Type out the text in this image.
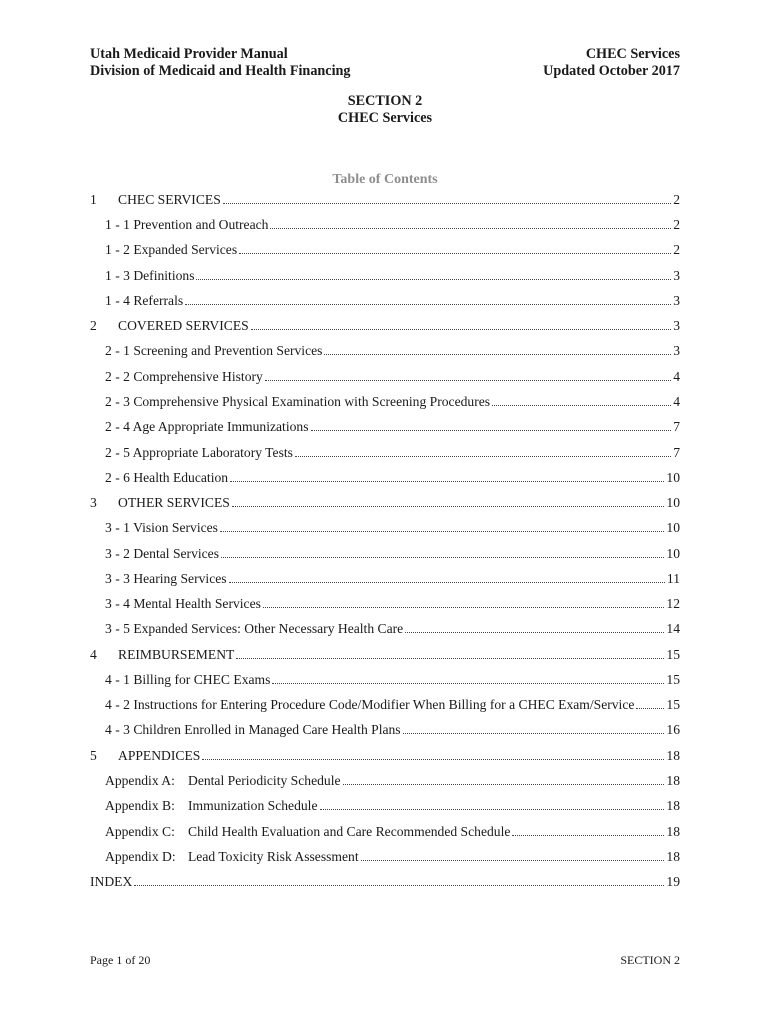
Utah Medicaid Provider Manual
Division of Medicaid and Health Financing
CHEC Services
Updated October 2017
SECTION 2
CHEC Services
Table of Contents
1	CHEC SERVICES	2
1 - 1 Prevention and Outreach	2
1 - 2 Expanded Services	2
1 - 3 Definitions	3
1 - 4 Referrals	3
2	COVERED SERVICES	3
2 - 1 Screening and Prevention Services	3
2 - 2 Comprehensive History	4
2 - 3 Comprehensive Physical Examination with Screening Procedures	4
2 - 4 Age Appropriate Immunizations	7
2 - 5 Appropriate Laboratory Tests	7
2 - 6 Health Education	10
3	OTHER SERVICES	10
3 - 1 Vision Services	10
3 - 2 Dental Services	10
3 - 3 Hearing Services	11
3 - 4 Mental Health Services	12
3 - 5 Expanded Services: Other Necessary Health Care	14
4	REIMBURSEMENT	15
4 - 1 Billing for CHEC Exams	15
4 - 2 Instructions for Entering Procedure Code/Modifier When Billing for a CHEC Exam/Service 15
4 - 3 Children Enrolled in Managed Care Health Plans	16
5	APPENDICES	18
Appendix A: Dental Periodicity Schedule	18
Appendix B: Immunization Schedule	18
Appendix C: Child Health Evaluation and Care Recommended Schedule	18
Appendix D: Lead Toxicity Risk Assessment	18
INDEX	19
Page 1 of 20	SECTION 2
